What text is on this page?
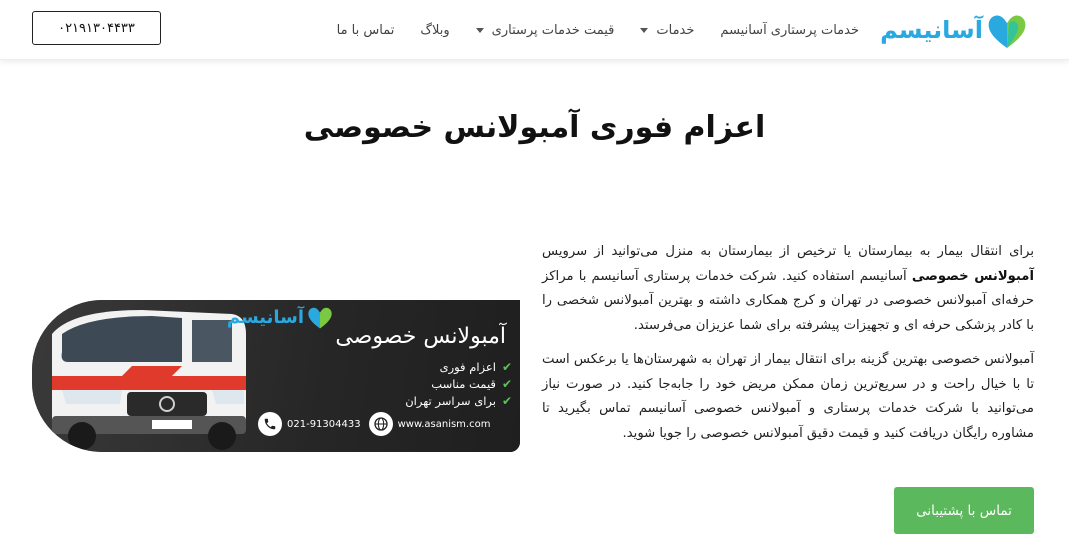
آسانیسم
خدمات پرستاری آسانیسم
خدمات
قیمت خدمات پرستاری
وبلاگ
تماس با ما
۰۲۱۹۱۳۰۴۴۳۳
اعزام فوری آمبولانس خصوصی

برای انتقال بیمار به بیمارستان یا ترخیص از بیمارستان به منزل می‌توانید از سرویس آمبولانس خصوصی آسانیسم استفاده کنید. شرکت خدمات پرستاری آسانیسم با مراکز حرفه‌ای آمبولانس خصوصی در تهران و کرج همکاری داشته و بهترین آمبولانس شخصی را با کادر پزشکی حرفه ای و تجهیزات پیشرفته برای شما عزیزان می‌فرستد.

آمبولانس خصوصی بهترین گزینه برای انتقال بیمار از تهران به شهرستان‌ها یا برعکس است تا با خیال راحت و در سریع‌ترین زمان ممکن مریض خود را جابه‌جا کنید. در صورت نیاز می‌توانید با شرکت خدمات پرستاری و آمبولانس خصوصی آسانیسم تماس بگیرید تا مشاوره رایگان دریافت کنید و قیمت دقیق آمبولانس خصوصی را جویا شوید.

آسانیسم
آمبولانس خصوصی
✔
اعزام فوری
✔
قیمت مناسب
✔
برای سراسر تهران
021-91304433	www.asanism.com
تماس با پشتیبانی
